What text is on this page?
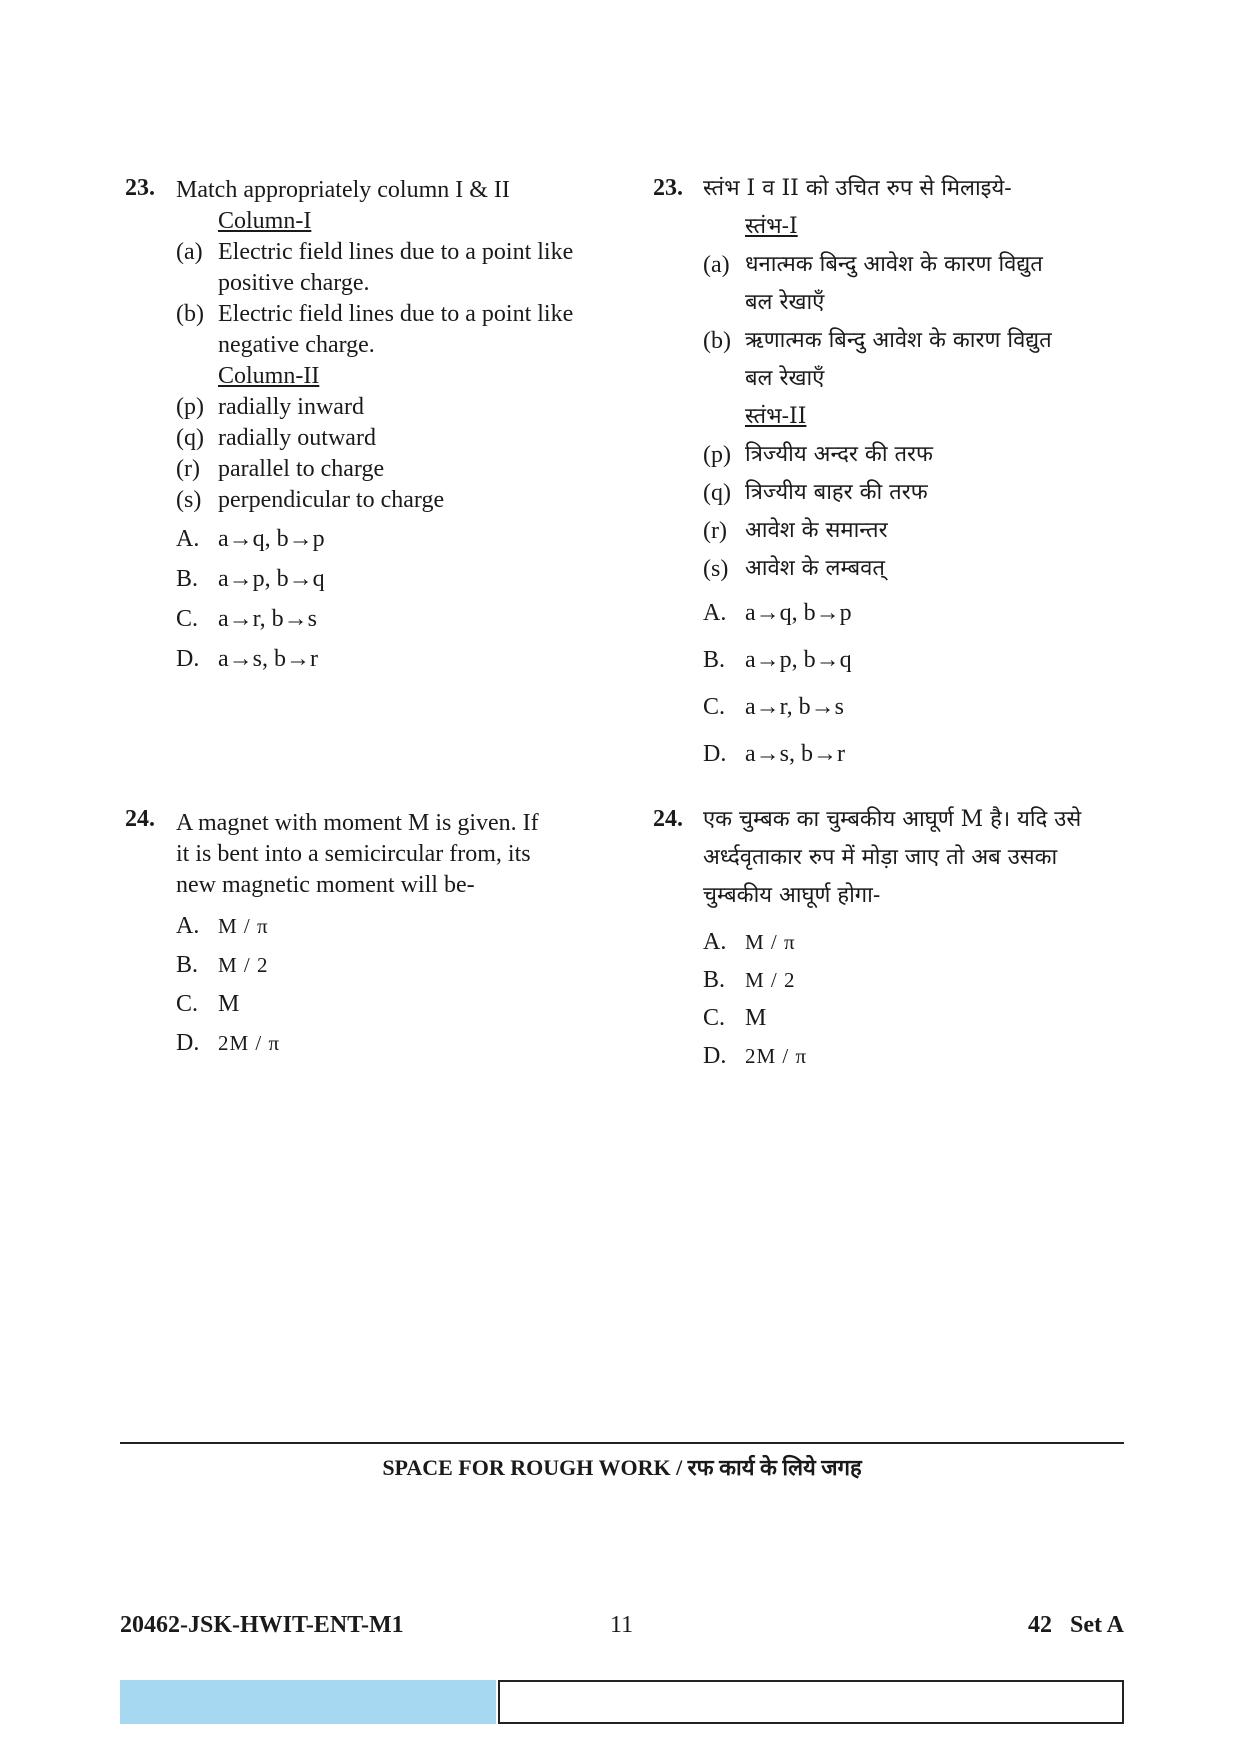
23. Match appropriately column I & II
Column-I
(a) Electric field lines due to a point like positive charge.
(b) Electric field lines due to a point like negative charge.
Column-II
(p) radially inward
(q) radially outward
(r) parallel to charge
(s) perpendicular to charge
A. a→q, b→p
B. a→p, b→q
C. a→r, b→s
D. a→s, b→r
23. स्तंभ I व II को उचित रुप से मिलाइये-
स्तंभ-I
(a) धनात्मक बिन्दु आवेश के कारण विद्युत
बल रेखाएँ
(b) ऋणात्मक बिन्दु आवेश के कारण विद्युत
बल रेखाएँ
स्तंभ-II
(p) त्रिज्यीय अन्दर की तरफ
(q) त्रिज्यीय बाहर की तरफ
(r) आवेश के समान्तर
(s) आवेश के लम्बवत्
A. a→q, b→p
B. a→p, b→q
C. a→r, b→s
D. a→s, b→r
24. A magnet with moment M is given. If
it is bent into a semicircular from, its
new magnetic moment will be-
A. M / π
B. M / 2
C. M
D. 2M / π
24. एक चुम्बक का चुम्बकीय आघूर्ण M है। यदि उसे
अर्ध्दवृताकार रुप में मोड़ा जाए तो अब उसका
चुम्बकीय आघूर्ण होगा-
A. M / π
B. M / 2
C. M
D. 2M / π
SPACE FOR ROUGH WORK / रफ कार्य के लिये जगह
20462-JSK-HWIT-ENT-M1	11	42   Set A
